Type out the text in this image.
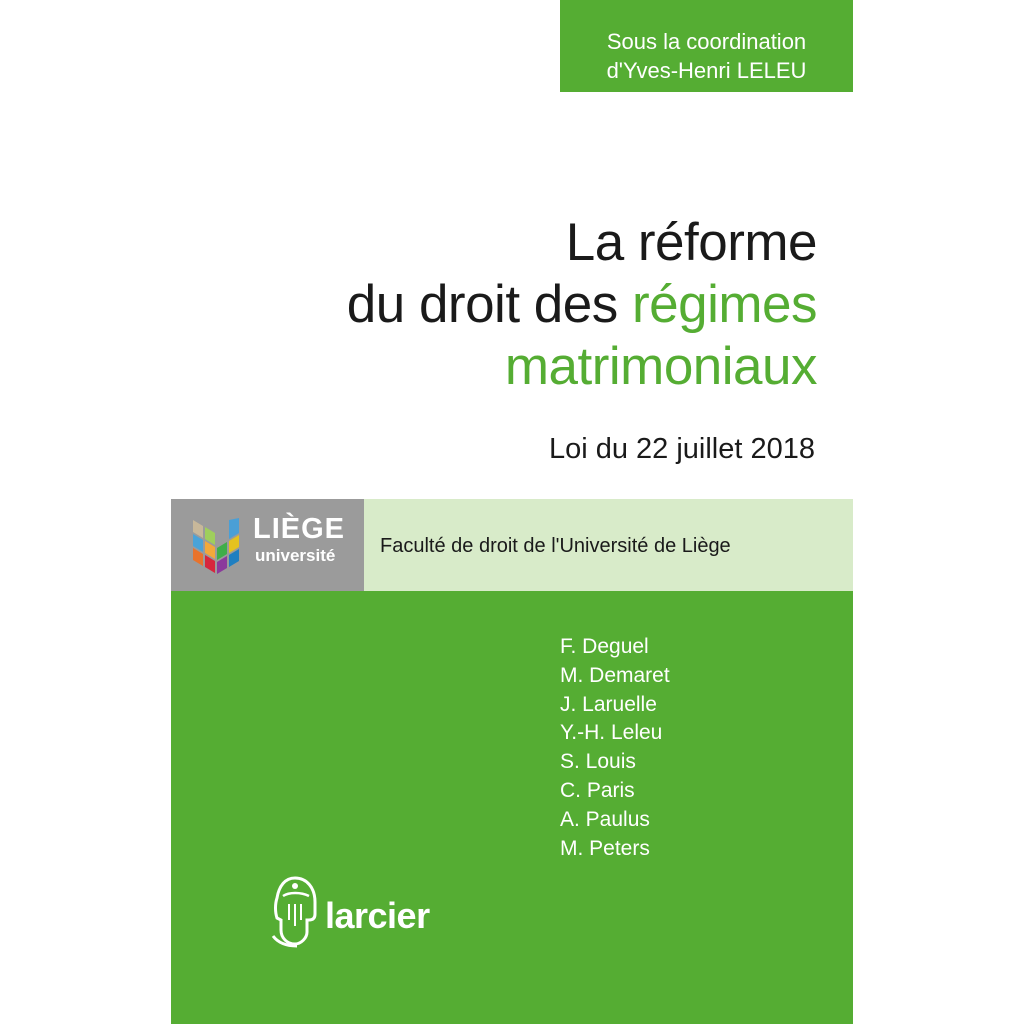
Sous la coordination
d'Yves-Henri LELEU
La réforme
du droit des régimes
matrimoniaux
Loi du 22 juillet 2018
LIÈGE
université Faculté de droit de l'Université de Liège
F. Deguel
M. Demaret
J. Laruelle
Y.-H. Leleu
S. Louis
C. Paris
A. Paulus
M. Peters
larcier
